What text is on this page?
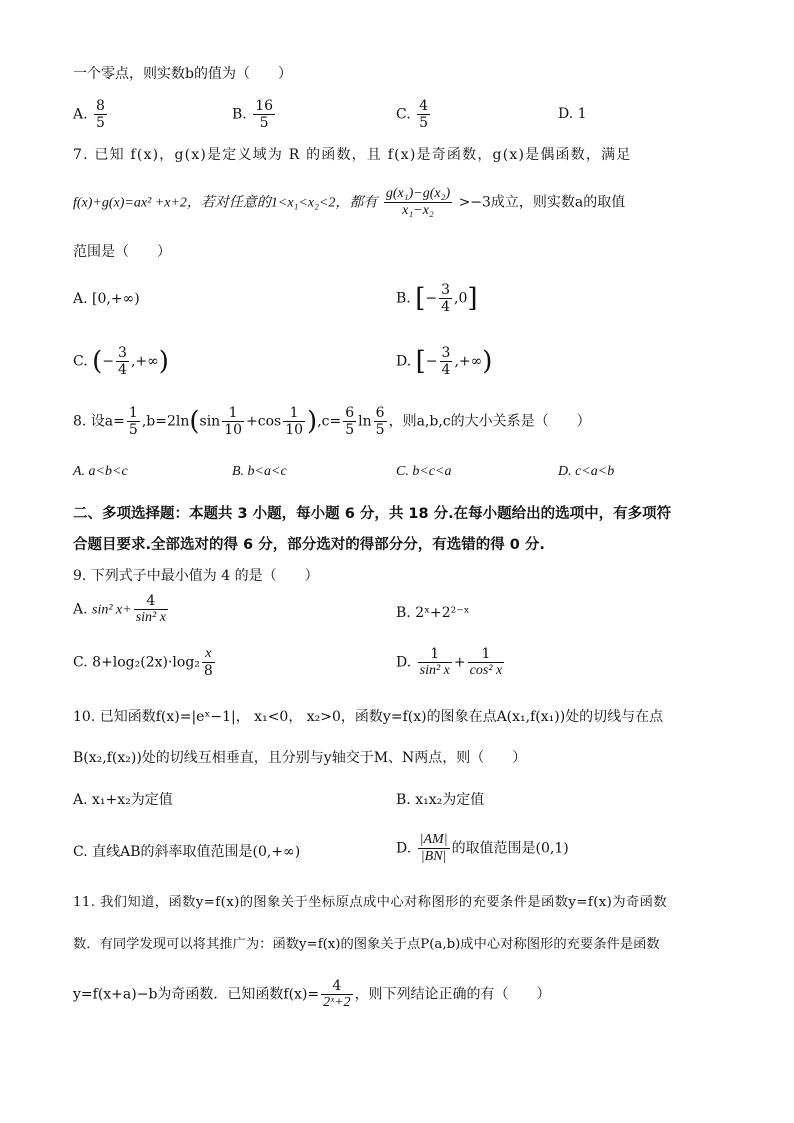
一个零点，则实数b的值为（　　）
A. $\frac{8}{5}$	B. $\frac{16}{5}$	C. $\frac{4}{5}$	D. 1
7. 已知 f(x)，g(x)是定义域为 R 的函数，且 f(x)是奇函数，g(x)是偶函数，满足
f(x)+g(x)=ax² +x+2，若对任意的1<x₁<x₂<2，都有 $\frac{\text{g(x₁)−g(x₂)}}{\text{x₁−x₂}} >-3$成立，则实数a的取值
范围是（　　）
A. [0,+∞)	B. [− $\frac{3}{4} ,0$]
C. (− $\frac{3}{4}$ ,+∞)	D. [− $\frac{3}{4}$ ,+∞)
8. 设$a= \frac{1}{5} ,b=2\ln(\sin \frac{1}{10} +\cos \frac{1}{10} ),c= \frac{6}{5}$ $\ln \frac{6}{5}$ ，则a,b,c的大小关系是（　　）
A. a<b<c	B. b<a<c	C. b<c<a	D. c<a<b
二、多项选择题：本题共 3 小题，每小题 6 分，共 18 分.在每小题给出的选项中，有多项符
合题目要求.全部选对的得 6 分，部分选对的得部分分，有选错的得 0 分.
9. 下列式子中最小值为 4 的是（　　）
A. sin² $x+ \frac{4}{\text{sin² x}}$	B. 2ˣ+2²⁻ˣ
C. $8+\log_2(2x)\cdot\log_2 \frac{x}{8}$	D. $\frac{1}{\text{sin² x}} + \frac{1}{\text{cos² x}}$
10. 已知函数f(x)=|eˣ−1|， x₁<0， x₂>0，函数y=f(x)的图象在点A(x₁,f(x₁))处的切线与在点
B(x₂,f(x₂))处的切线互相垂直，且分别与y轴交于M、N两点，则（　　）
A. x₁+x₂为定值	B. x₁x₂为定值
C. 直线AB的斜率取值范围是(0,+∞)	D. $\frac{|AM|}{|BN|}$ 的取值范围是(0,1)
11. 我们知道，函数y=f(x)的图象关于坐标原点成中心对称图形的充要条件是函数y=f(x)为奇函数
数．有同学发现可以将其推广为：函数y=f(x)的图象关于点P(a,b)成中心对称图形的充要条件是函数
y=f(x+a)−b为奇函数．已知函数$f(x)= \frac{4}{\text{2ˣ+2}}$ ，则下列结论正确的有（　　）
